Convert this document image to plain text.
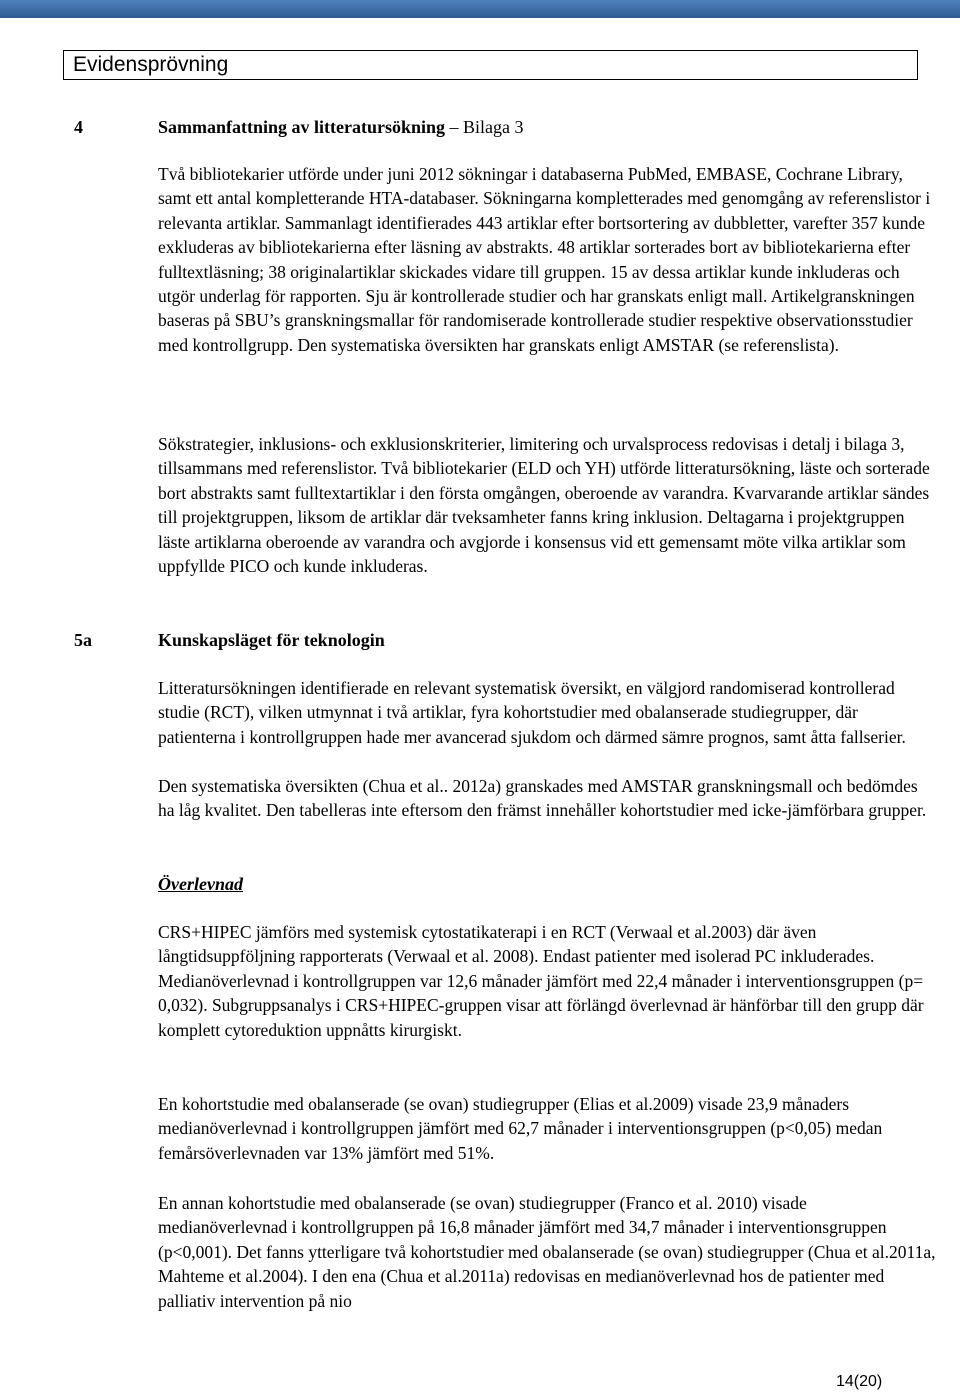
Evidensprövning
4	Sammanfattning av litteratursökning – Bilaga 3

Två bibliotekarier utförde under juni 2012 sökningar i databaserna PubMed, EMBASE, Cochrane Library, samt ett antal kompletterande HTA-databaser. Sökningarna kompletterades med genomgång av referenslistor i relevanta artiklar. Sammanlagt identifierades 443 artiklar efter bortsortering av dubbletter, varefter 357 kunde exkluderas av bibliotekarierna efter läsning av abstrakts. 48 artiklar sorterades bort av bibliotekarierna efter fulltextläsning; 38 originalartiklar skickades vidare till gruppen. 15 av dessa artiklar kunde inkluderas och utgör underlag för rapporten. Sju är kontrollerade studier och har granskats enligt mall. Artikelgranskningen baseras på SBU’s granskningsmallar för randomiserade kontrollerade studier respektive observationsstudier med kontrollgrupp. Den systematiska översikten har granskats enligt AMSTAR (se referenslista).

Sökstrategier, inklusions- och exklusionskriterier, limitering och urvalsprocess redovisas i detalj i bilaga 3, tillsammans med referenslistor. Två bibliotekarier (ELD och YH) utförde litteratursökning, läste och sorterade bort abstrakts samt fulltextartiklar i den första omgången, oberoende av varandra. Kvarvarande artiklar sändes till projektgruppen, liksom de artiklar där tveksamheter fanns kring inklusion. Deltagarna i projektgruppen läste artiklarna oberoende av varandra och avgjorde i konsensus vid ett gemensamt möte vilka artiklar som uppfyllde PICO och kunde inkluderas.

5a	Kunskapsläget för teknologin

Litteratursökningen identifierade en relevant systematisk översikt, en välgjord randomiserad kontrollerad studie (RCT), vilken utmynnat i två artiklar, fyra kohortstudier med obalanserade studiegrupper, där patienterna i kontrollgruppen hade mer avancerad sjukdom och därmed sämre prognos, samt åtta fallserier.

Den systematiska översikten (Chua et al.. 2012a) granskades med AMSTAR granskningsmall och bedömdes ha låg kvalitet. Den tabelleras inte eftersom den främst innehåller kohortstudier med icke-jämförbara grupper.

Överlevnad

CRS+HIPEC jämförs med systemisk cytostatikaterapi i en RCT (Verwaal et al.2003) där även långtidsuppföljning rapporterats (Verwaal et al. 2008). Endast patienter med isolerad PC inkluderades. Medianöverlevnad i kontrollgruppen var 12,6 månader jämfört med 22,4 månader i interventionsgruppen (p= 0,032). Subgruppsanalys i CRS+HIPEC-gruppen visar att förlängd överlevnad är hänförbar till den grupp där komplett cytoreduktion uppnåtts kirurgiskt.

En kohortstudie med obalanserade (se ovan) studiegrupper (Elias et al.2009) visade 23,9 månaders medianöverlevnad i kontrollgruppen jämfört med 62,7 månader i interventionsgruppen (p<0,05) medan femårsöverlevnaden var 13% jämfört med 51%.

En annan kohortstudie med obalanserade (se ovan) studiegrupper (Franco et al. 2010) visade medianöverlevnad i kontrollgruppen på 16,8 månader jämfört med 34,7 månader i interventionsgruppen (p<0,001). Det fanns ytterligare två kohortstudier med obalanserade (se ovan) studiegrupper (Chua et al.2011a, Mahteme et al.2004). I den ena (Chua et al.2011a) redovisas en medianöverlevnad hos de patienter med palliativ intervention på nio

14(20)
